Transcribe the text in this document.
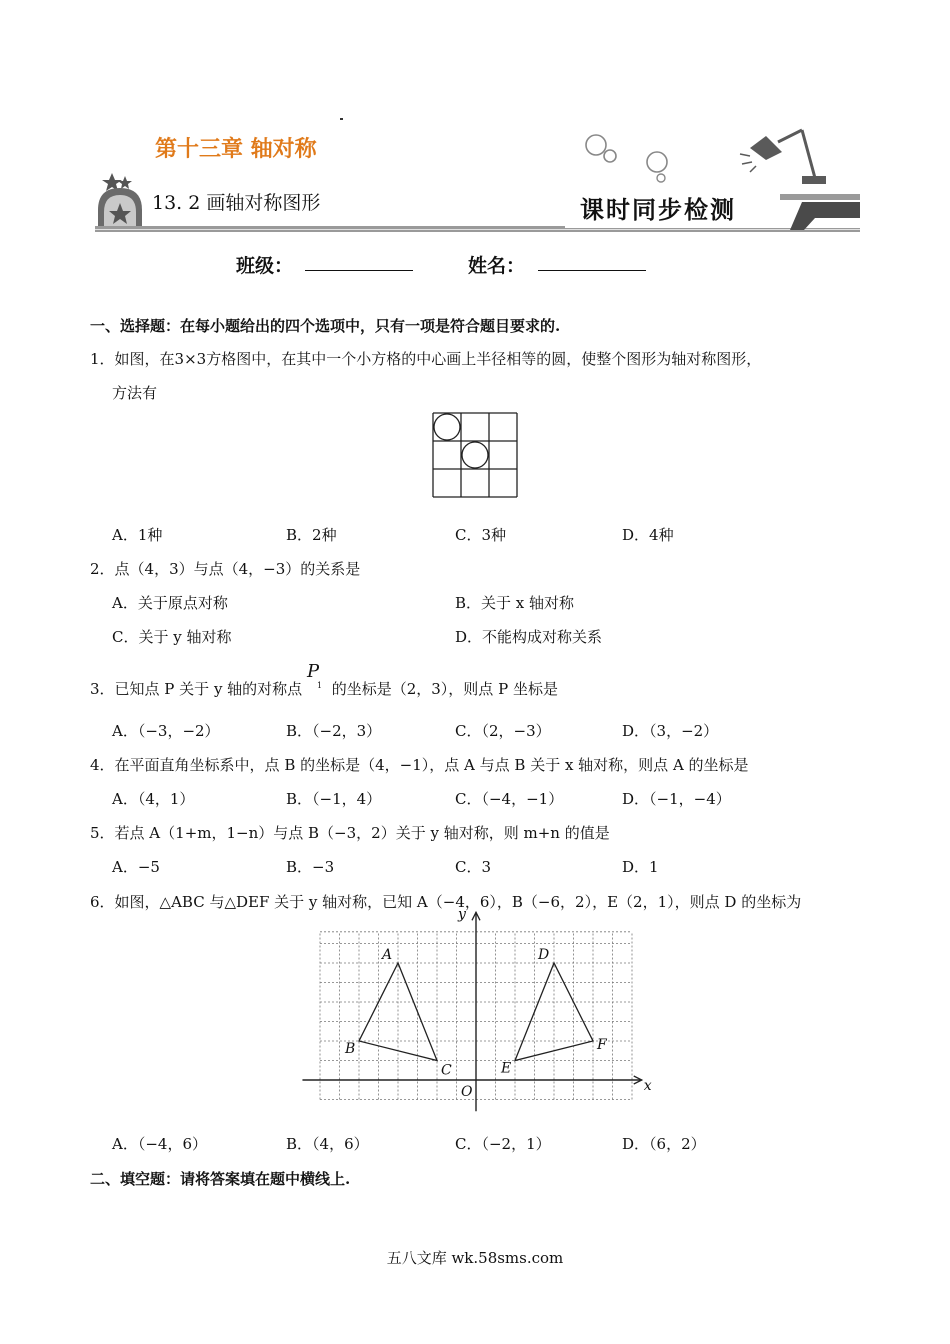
第十三章 轴对称
13. 2 画轴对称图形	课时同步检测
班级：	姓名：
一、选择题：在每小题给出的四个选项中，只有一项是符合题目要求的.
1．如图，在3×3方格图中，在其中一个小方格的中心画上半径相等的圆，使整个图形为轴对称图形，
方法有
A．1种	B．2种	C．3种	D．4种
2．点（4，3）与点（4，−3）的关系是
A．关于原点对称	B．关于 x 轴对称
C．关于 y 轴对称	D．不能构成对称关系
3．已知点 P 关于 y 轴的对称点
P
1 的坐标是（2，3），则点 P 坐标是
A．（−3，−2）	B．（−2，3）	C．（2，−3）	D．（3，−2）
4．在平面直角坐标系中，点 B 的坐标是（4，−1），点 A 与点 B 关于 x 轴对称，则点 A 的坐标是
A．（4，1）	B．（−1，4）	C．（−4，−1）	D．（−1，−4）
5．若点 A（1+m，1−n）与点 B（−3，2）关于 y 轴对称，则 m+n 的值是
A．−5	B．−3	C．3	D．1
6．如图，△ABC 与△DEF 关于 y 轴对称，已知 A（−4，6），B（−6，2），E（2，1），则点 D 的坐标为
x
y
O
A
B
C
D
E
F
A．（−4，6）	B．（4，6）	C．（−2，1）	D．（6，2）
二、填空题：请将答案填在题中横线上.
五八文库 wk.58sms.com
